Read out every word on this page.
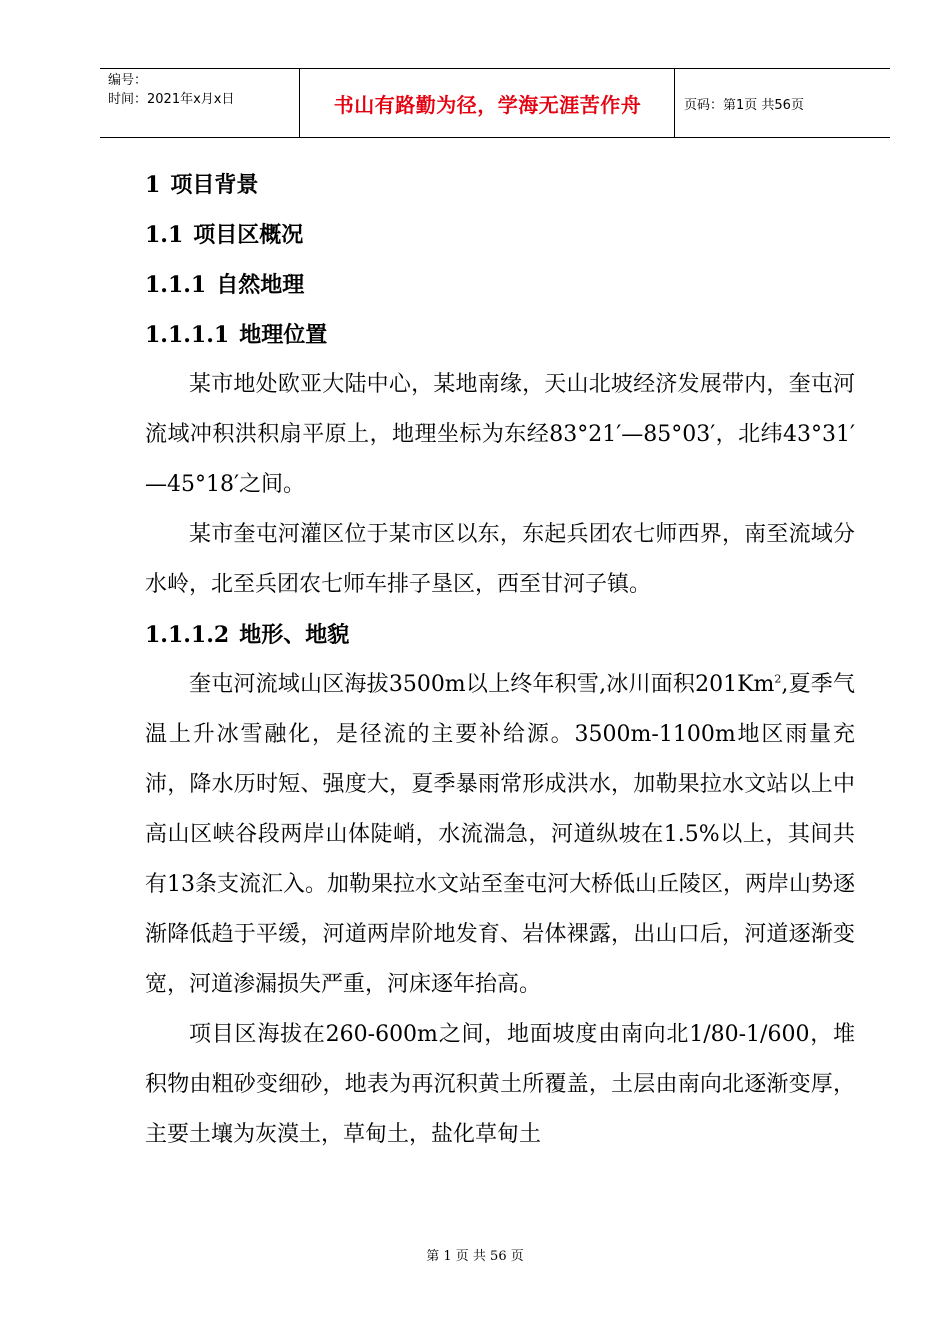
编号：
时间：2021年x月x日	书山有路勤为径，学海无涯苦作舟	页码：第1页 共56页
1 项目背景
1.1 项目区概况
1.1.1 自然地理
1.1.1.1 地理位置

某市地处欧亚大陆中心，某地南缘，天山北坡经济发展带内，奎屯河流域冲积洪积扇平原上，地理坐标为东经83°21′—85°03′，北纬43°31′—45°18′之间。

某市奎屯河灌区位于某市区以东，东起兵团农七师西界，南至流域分水岭，北至兵团农七师车排子垦区，西至甘河子镇。

1.1.1.2 地形、地貌

奎屯河流域山区海拔3500m以上终年积雪,冰川面积201Km$^2$,夏季气温上升冰雪融化，是径流的主要补给源。3500m-1100m地区雨量充沛，降水历时短、强度大，夏季暴雨常形成洪水，加勒果拉水文站以上中高山区峡谷段两岸山体陡峭，水流湍急，河道纵坡在1.5%以上，其间共有13条支流汇入。加勒果拉水文站至奎屯河大桥低山丘陵区，两岸山势逐渐降低趋于平缓，河道两岸阶地发育、岩体裸露，出山口后，河道逐渐变宽，河道渗漏损失严重，河床逐年抬高。

项目区海拔在260-600m之间，地面坡度由南向北1/80-1/600，堆积物由粗砂变细砂，地表为再沉积黄土所覆盖，土层由南向北逐渐变厚，主要土壤为灰漠土，草甸土，盐化草甸土

第 1 页 共 56 页
